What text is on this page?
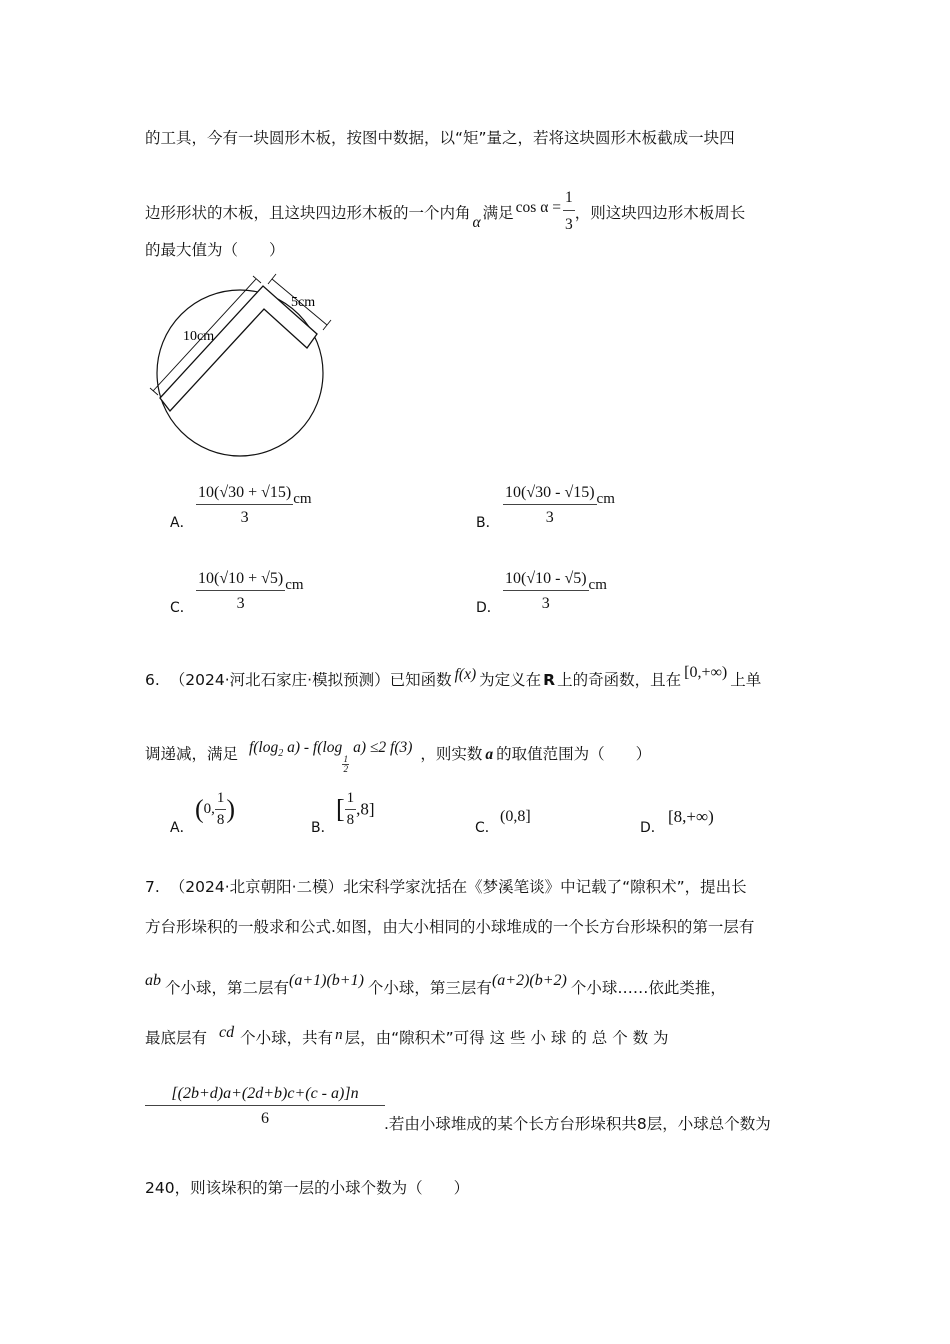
的工具，今有一块圆形木板，按图中数据，以“矩”量之，若将这块圆形木板截成一块四
边形形状的木板，且这块四边形木板的一个内角α满足 $\cos \alpha = \frac{1}{3}$ ，则这块四边形木板周长
的最大值为（　　）
10cm
5cm
A． $\frac{10(√30 + √15)}{3}$ cm
B． $\frac{10(√30 - √15)}{3}$ cm
C． $\frac{10(√10 + √5)}{3}$ cm
D． $\frac{10(√10 - √5)}{3}$ cm
6. （2024·河北石家庄·模拟预测）已知函数 f(x) 为定义在 R 上的奇函数，且在 [0,+∞) 上单
调递减，满足 $f(\log_2$ a) - f(log
$_{\frac{1}{2}}$
a) ≤2 f(3) ，则实数 a 的取值范围为（　　）
A．
(0, $\frac{1}{8}$ )
B．
[ $\frac{1}{8} ,8$]
C．
(0,8]
D．
[8,+∞)
7. （2024·北京朝阳·二模）北宋科学家沈括在《梦溪笔谈》中记载了“隙积术”，提出长
方台形垛积的一般求和公式.如图，由大小相同的小球堆成的一个长方台形垛积的第一层有
ab 个小球，第二层有(a+1)(b+1) 个小球，第三层有(a+2)(b+2) 个小球……依此类推，
最底层有 cd 个小球，共有 n 层，由“隙积术”可得 这 些 小 球 的 总 个 数 为
$\frac{[(2b+d)a+(2d+b)c+(c - a)]n}{6}$ .若由小球堆成的某个长方台形垛积共8层，小球总个数为
240，则该垛积的第一层的小球个数为（　　）
